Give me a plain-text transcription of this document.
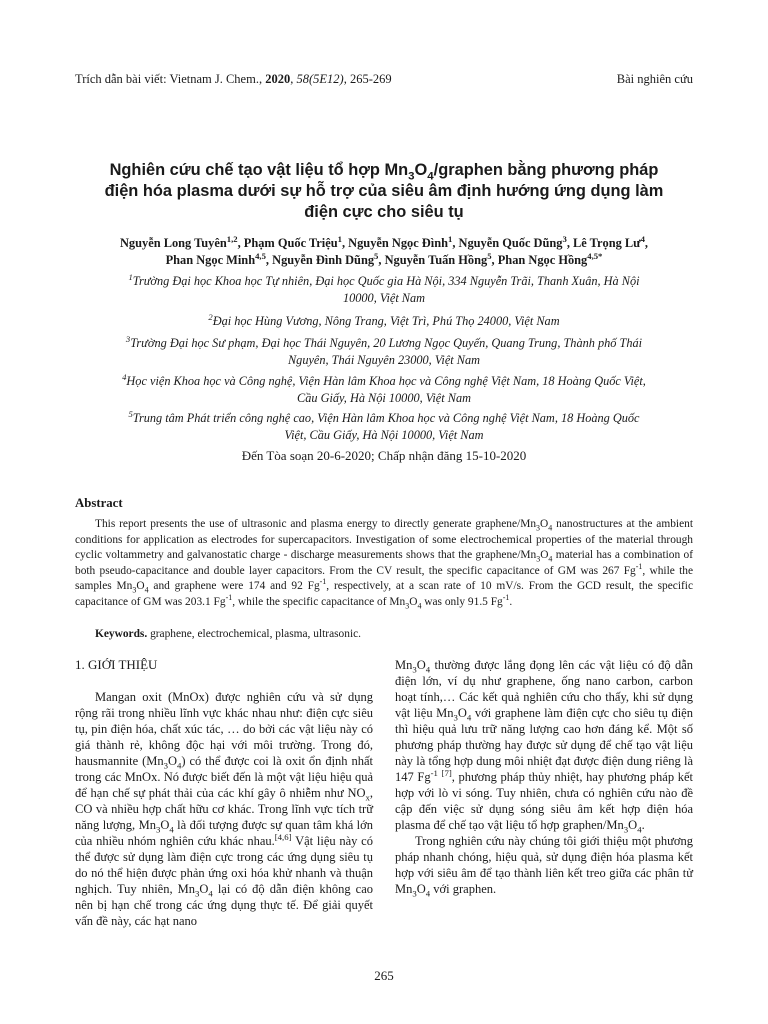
Trích dẫn bài viết: Vietnam J. Chem., 2020, 58(5E12), 265-269	Bài nghiên cứu
Nghiên cứu chế tạo vật liệu tổ hợp $Mn_3O_4$/graphen bằng phương pháp
điện hóa plasma dưới sự hỗ trợ của siêu âm định hướng ứng dụng làm
điện cực cho siêu tụ
Nguyễn Long Tuyên$^{1,2}$, Phạm Quốc Triệu$^1$, Nguyễn Ngọc Đình$^1$, Nguyễn Quốc Dũng$^3$, Lê Trọng $Lư^4$,
Phan Ngọc Minh$^{4,5}$, Nguyễn Đình Dũng$^5$, Nguyễn Tuấn Hồng$^5$, Phan Ngọc Hồng$^{4,5*}$
$^1$Trường Đại học Khoa học Tự nhiên, Đại học Quốc gia Hà Nội, 334 Nguyễn Trãi, Thanh Xuân, Hà Nội
10000, Việt Nam
$^2$Đại học Hùng Vương, Nông Trang, Việt Trì, Phú Thọ 24000, Việt Nam
$^3$Trường Đại học Sư phạm, Đại học Thái Nguyên, 20 Lương Ngọc Quyến, Quang Trung, Thành phố Thái
Nguyên, Thái Nguyên 23000, Việt Nam
$^4$Học viện Khoa học và Công nghệ, Viện Hàn lâm Khoa học và Công nghệ Việt Nam, 18 Hoàng Quốc Việt,
Cầu Giấy, Hà Nội 10000, Việt Nam
$^5$Trung tâm Phát triển công nghệ cao, Viện Hàn lâm Khoa học và Công nghệ Việt Nam, 18 Hoàng Quốc
Việt, Cầu Giấy, Hà Nội 10000, Việt Nam
Đến Tòa soạn 20-6-2020; Chấp nhận đăng 15-10-2020
Abstract
This report presents the use of ultrasonic and plasma energy to directly generate graphene/$Mn_3O_4$ nanostructures at the ambient conditions for application as electrodes for supercapacitors. Investigation of some electrochemical properties of the material through cyclic voltammetry and galvanostatic charge - discharge measurements shows that the graphene/$Mn_3O_4$ material has a combination of both pseudo-capacitance and double layer capacitors. From the CV result, the specific capacitance of GM was 267 $Fg^{-1}$, while the samples $Mn_3O_4$ and graphene were 174 and 92 $Fg^{-1}$, respectively, at a scan rate of 10 mV/s. From the GCD result, the specific capacitance of GM was 203.1 $Fg^{-1}$, while the specific capacitance of $Mn_3O_4$ was only 91.5 $Fg^{-1}$.
Keywords. graphene, electrochemical, plasma, ultrasonic.
1. GIỚI THIỆU

Mangan oxit (MnOx) được nghiên cứu và sử dụng rộng rãi trong nhiều lĩnh vực khác nhau như: điện cực siêu tụ, pin điện hóa, chất xúc tác, … do bởi các vật liệu này có giá thành rẻ, không độc hại với môi trường. Trong đó, hausmannite $(Mn_3O_4)$ có thể được coi là oxit ổn định nhất trong các MnOx. Nó được biết đến là một vật liệu hiệu quả để hạn chế sự phát thải của các khí gây ô nhiễm như $NO_x$, CO và nhiều hợp chất hữu cơ khác. Trong lĩnh vực tích trữ năng lượng, $Mn_3O_4$ là đối tượng được sự quan tâm khá lớn của nhiều nhóm nghiên cứu khác nhau.[4,6] Vật liệu này có thể được sử dụng làm điện cực trong các ứng dụng siêu tụ do nó thể hiện được phản ứng oxi hóa khử nhanh và thuận nghịch. Tuy nhiên, $Mn_3O_4$ lại có độ dẫn điện không cao nên bị hạn chế trong các ứng dụng thực tế. Để giải quyết vấn đề này, các hạt nano

$Mn_3O_4$ thường được lắng đọng lên các vật liệu có độ dẫn điện lớn, ví dụ như graphene, ống nano carbon, carbon hoạt tính,… Các kết quả nghiên cứu cho thấy, khi sử dụng vật liệu $Mn_3O_4$ với graphene làm điện cực cho siêu tụ điện thì hiệu quả lưu trữ năng lượng cao hơn đáng kể. Một số phương pháp thường hay được sử dụng để chế tạo vật liệu này là tổng hợp dung môi nhiệt đạt được điện dung riêng là 147 $Fg^{-1}$ [7], phương pháp thủy nhiệt, hay phương pháp kết hợp với lò vi sóng. Tuy nhiên, chưa có nghiên cứu nào đề cập đến việc sử dụng sóng siêu âm kết hợp điện hóa plasma để chế tạo vật liệu tổ hợp graphen/$Mn_3O_4$.

Trong nghiên cứu này chúng tôi giới thiệu một phương pháp nhanh chóng, hiệu quả, sử dụng điện hóa plasma kết hợp với siêu âm để tạo thành liên kết treo giữa các phân tử $Mn_3O_4$ với graphen.

265
